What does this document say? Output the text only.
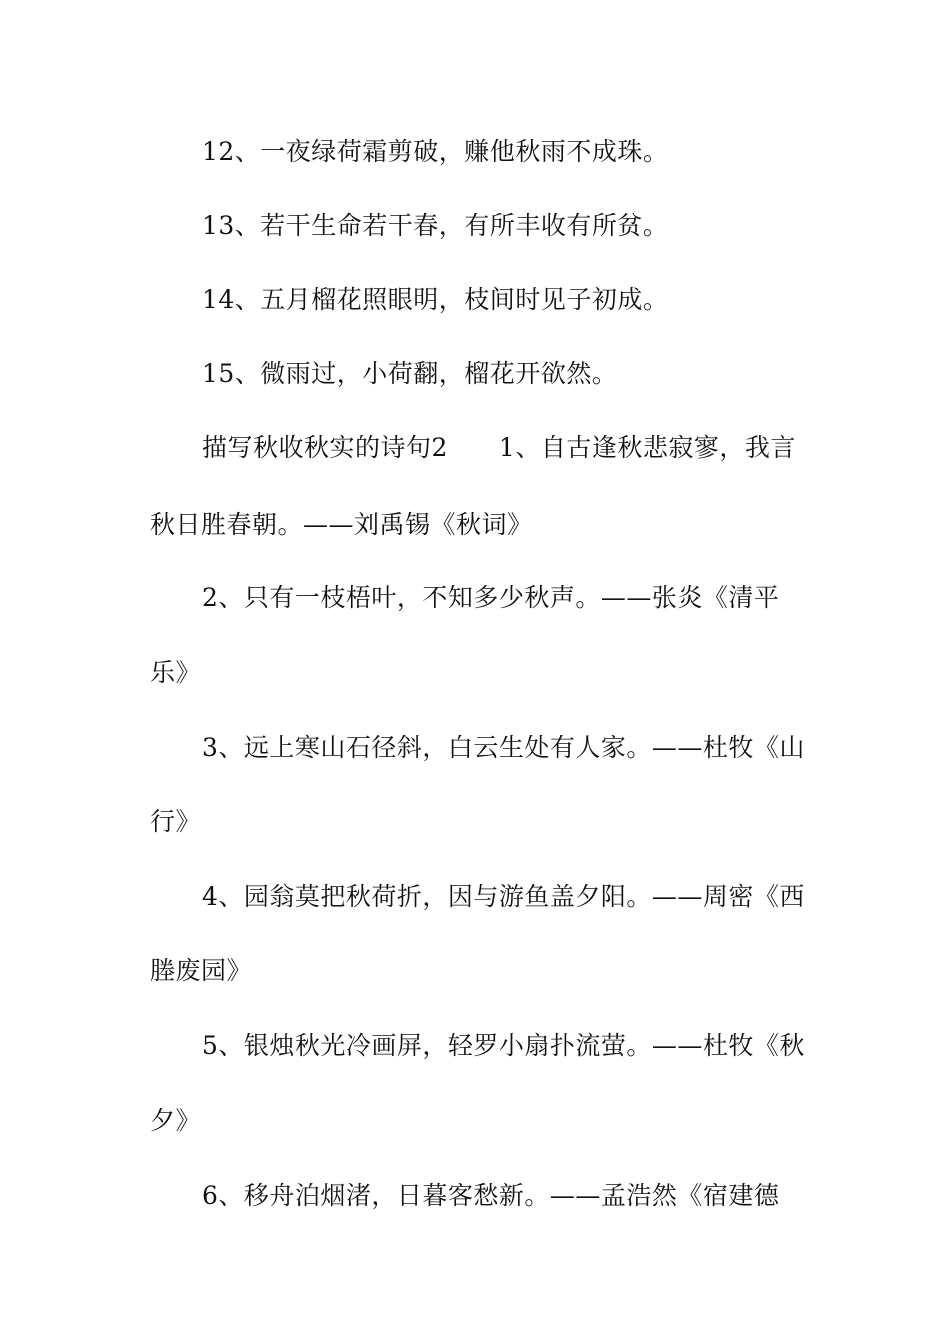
12、一夜绿荷霜剪破，赚他秋雨不成珠。
13、若干生命若干春，有所丰收有所贫。
14、五月榴花照眼明，枝间时见子初成。
15、微雨过，小荷翻，榴花开欲然。
描写秋收秋实的诗句2　　1、自古逢秋悲寂寥，我言
秋日胜春朝。——刘禹锡《秋词》
2、只有一枝梧叶，不知多少秋声。——张炎《清平
乐》
3、远上寒山石径斜，白云生处有人家。——杜牧《山
行》
4、园翁莫把秋荷折，因与游鱼盖夕阳。——周密《西
塍废园》
5、银烛秋光冷画屏，轻罗小扇扑流萤。——杜牧《秋
夕》
6、移舟泊烟渚，日暮客愁新。——孟浩然《宿建德
